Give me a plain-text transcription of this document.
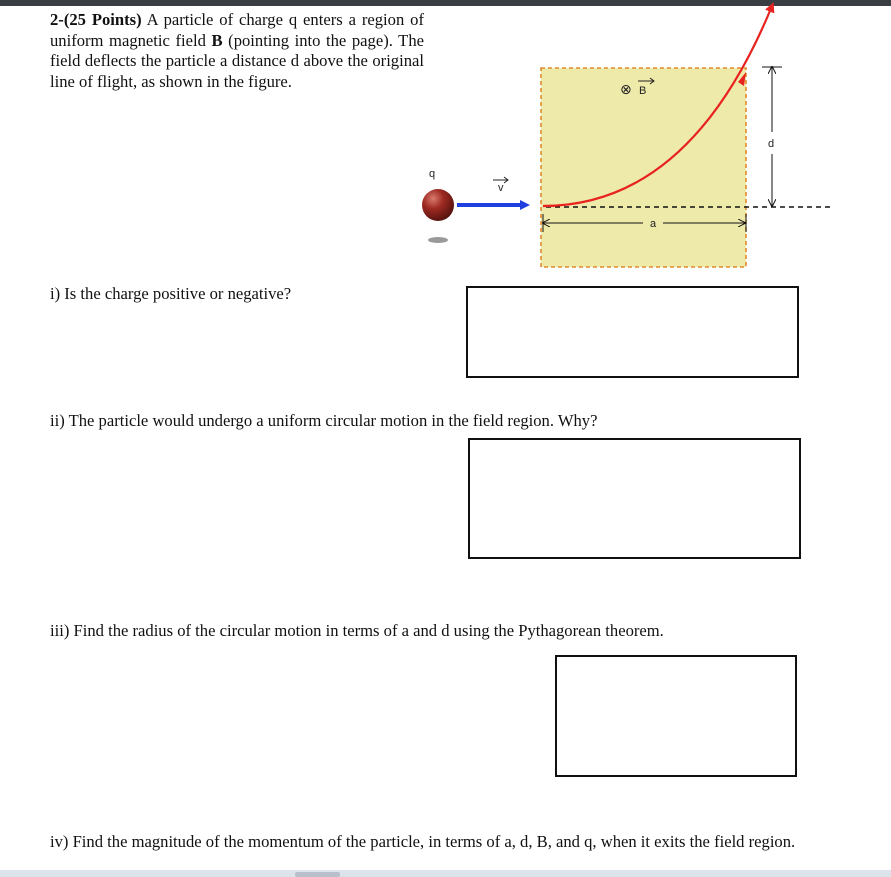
2-(25 Points) A particle of charge q enters a region of uniform magnetic field B (pointing into the page). The field deflects the particle a distance d above the original line of flight, as shown in the figure.	⊗ B
q
v
a
d
i) Is the charge positive or negative?
ii) The particle would undergo a uniform circular motion in the field region. Why?
iii) Find the radius of the circular motion in terms of a and d using the Pythagorean theorem.
iv) Find the magnitude of the momentum of the particle, in terms of a, d, B, and q, when it exits the field region.
